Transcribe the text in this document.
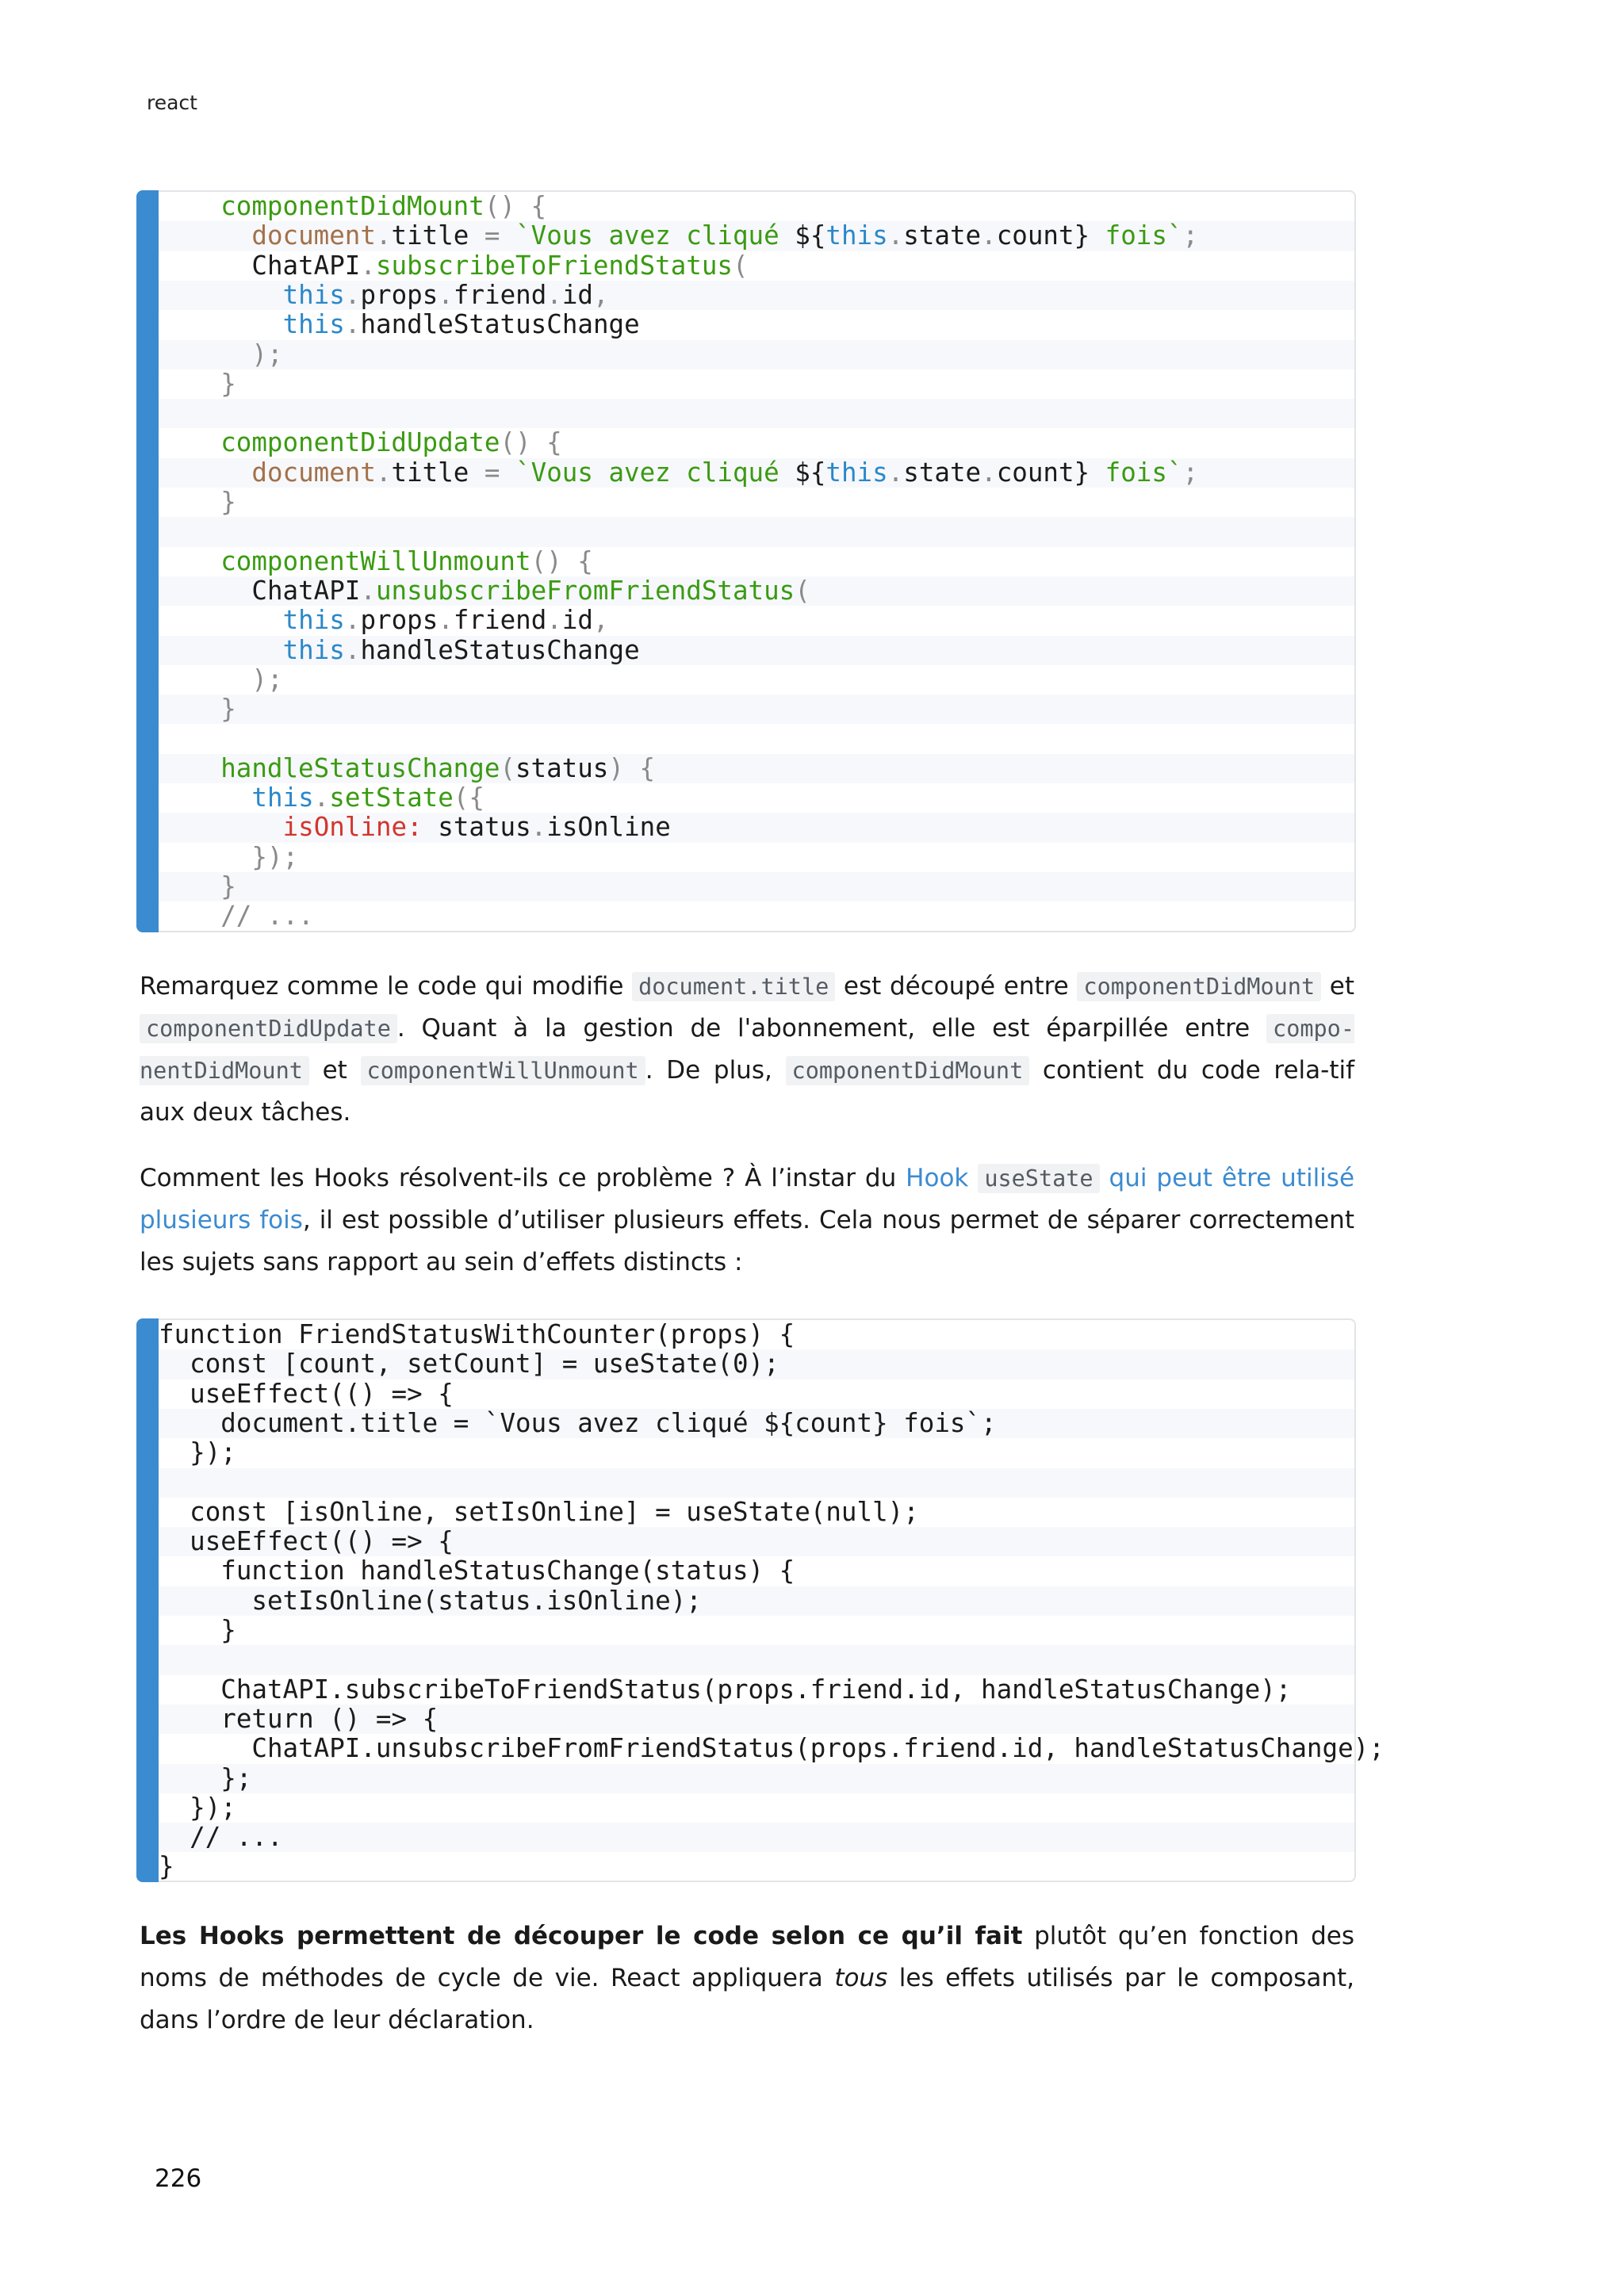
react
componentDidMount() {
document.title = `Vous avez cliqué ${this.state.count} fois`;
ChatAPI.subscribeToFriendStatus(
this.props.friend.id,
this.handleStatusChange
);
}
componentDidUpdate() {
document.title = `Vous avez cliqué ${this.state.count} fois`;
}
componentWillUnmount() {
ChatAPI.unsubscribeFromFriendStatus(
this.props.friend.id,
this.handleStatusChange
);
}
handleStatusChange(status) {
this.setState({
isOnline: status.isOnline
});
}
// ...

Remarquez comme le code qui modifie document.title est découpé entre componentDidMount et componentDidUpdate . Quant à la gestion de l'abonnement, elle est éparpillée entre compo-nentDidMount et componentWillUnmount . De plus, componentDidMount contient du code rela-tif aux deux tâches.

Comment les Hooks résolvent-ils ce problème ? À l’instar du Hook useState qui peut être utilisé plusieurs fois, il est possible d’utiliser plusieurs effets. Cela nous permet de séparer correctement les sujets sans rapport au sein d’effets distincts :

function FriendStatusWithCounter(props) {
const [count, setCount] = useState(0);
useEffect(() => {
document.title = `Vous avez cliqué ${count} fois`;
});
const [isOnline, setIsOnline] = useState(null);
useEffect(() => {
function handleStatusChange(status) {
setIsOnline(status.isOnline);
}
ChatAPI.subscribeToFriendStatus(props.friend.id, handleStatusChange);
return () => {
ChatAPI.unsubscribeFromFriendStatus(props.friend.id, handleStatusChange);
};
});
// ...
}

Les Hooks permettent de découper le code selon ce qu’il fait plutôt qu’en fonction des noms de méthodes de cycle de vie. React appliquera tous les effets utilisés par le composant, dans l’ordre de leur déclaration.

226
